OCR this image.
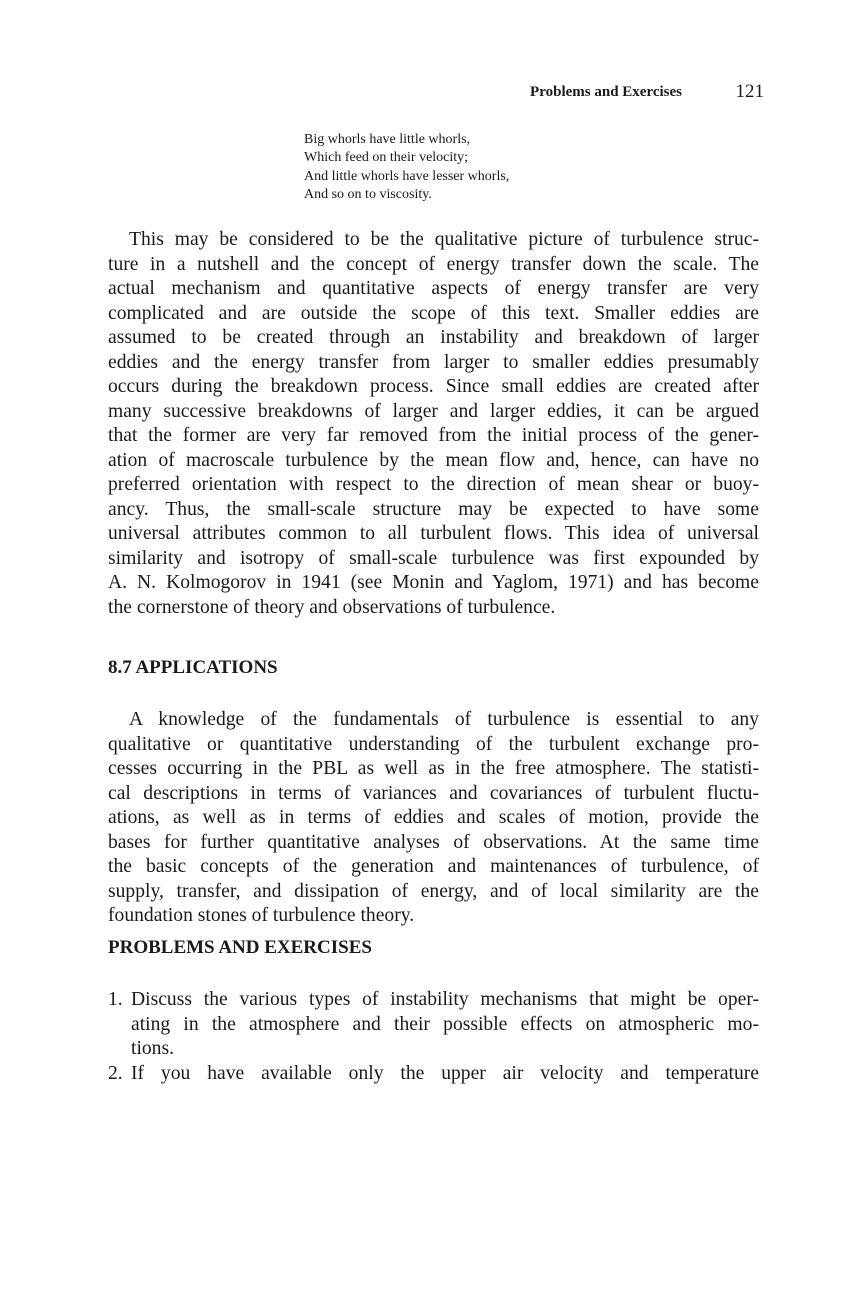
Problems and Exercises	121
Big whorls have little whorls,
Which feed on their velocity;
And little whorls have lesser whorls,
And so on to viscosity.
This may be considered to be the qualitative picture of turbulence struc-
ture in a nutshell and the concept of energy transfer down the scale. The
actual mechanism and quantitative aspects of energy transfer are very
complicated and are outside the scope of this text. Smaller eddies are
assumed to be created through an instability and breakdown of larger
eddies and the energy transfer from larger to smaller eddies presumably
occurs during the breakdown process. Since small eddies are created after
many successive breakdowns of larger and larger eddies, it can be argued
that the former are very far removed from the initial process of the gener-
ation of macroscale turbulence by the mean flow and, hence, can have no
preferred orientation with respect to the direction of mean shear or buoy-
ancy. Thus, the small-scale structure may be expected to have some
universal attributes common to all turbulent flows. This idea of universal
similarity and isotropy of small-scale turbulence was first expounded by
A. N. Kolmogorov in 1941 (see Monin and Yaglom, 1971) and has become
the cornerstone of theory and observations of turbulence.
8.7 APPLICATIONS
A knowledge of the fundamentals of turbulence is essential to any
qualitative or quantitative understanding of the turbulent exchange pro-
cesses occurring in the PBL as well as in the free atmosphere. The statisti-
cal descriptions in terms of variances and covariances of turbulent fluctu-
ations, as well as in terms of eddies and scales of motion, provide the
bases for further quantitative analyses of observations. At the same time
the basic concepts of the generation and maintenances of turbulence, of
supply, transfer, and dissipation of energy, and of local similarity are the
foundation stones of turbulence theory.
PROBLEMS AND EXERCISES
1. Discuss the various types of instability mechanisms that might be oper-
ating in the atmosphere and their possible effects on atmospheric mo-
tions.
2. If you have available only the upper air velocity and temperature
